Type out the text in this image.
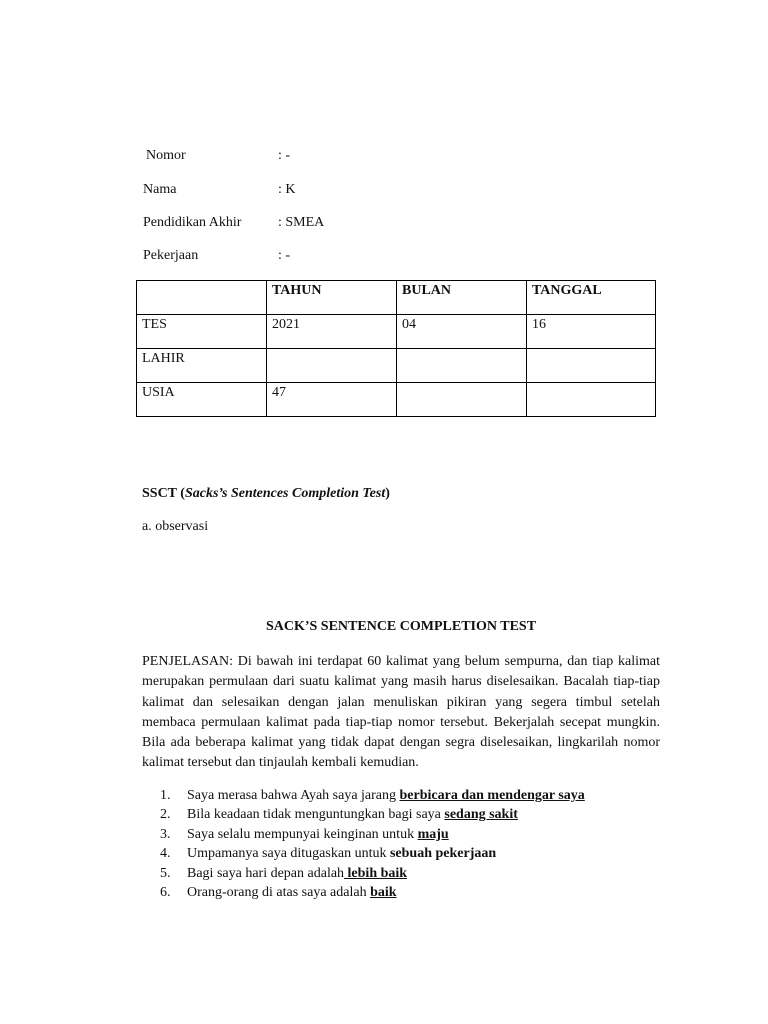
Nomor	: -
Nama	: K
Pendidikan Akhir	: SMEA
Pekerjaan	: -
	TAHUN	BULAN	TANGGAL
TES	2021	04	16
LAHIR			
USIA	47		
SSCT (Sacks’s Sentences Completion Test)
a. observasi
SACK’S SENTENCE COMPLETION TEST

PENJELASAN: Di bawah ini terdapat 60 kalimat yang belum sempurna, dan tiap kalimat merupakan permulaan dari suatu kalimat yang masih harus diselesaikan. Bacalah tiap-tiap kalimat dan selesaikan dengan jalan menuliskan pikiran yang segera timbul setelah membaca permulaan kalimat pada tiap-tiap nomor tersebut. Bekerjalah secepat mungkin. Bila ada beberapa kalimat yang tidak dapat dengan segra diselesaikan, lingkarilah nomor kalimat tersebut dan tinjaulah kembali kemudian.

1. Saya merasa bahwa Ayah saya jarang berbicara dan mendengar saya
2. Bila keadaan tidak menguntungkan bagi saya sedang sakit
3. Saya selalu mempunyai keinginan untuk maju
4. Umpamanya saya ditugaskan untuk sebuah pekerjaan
5. Bagi saya hari depan adalah lebih baik
6. Orang-orang di atas saya adalah baik
